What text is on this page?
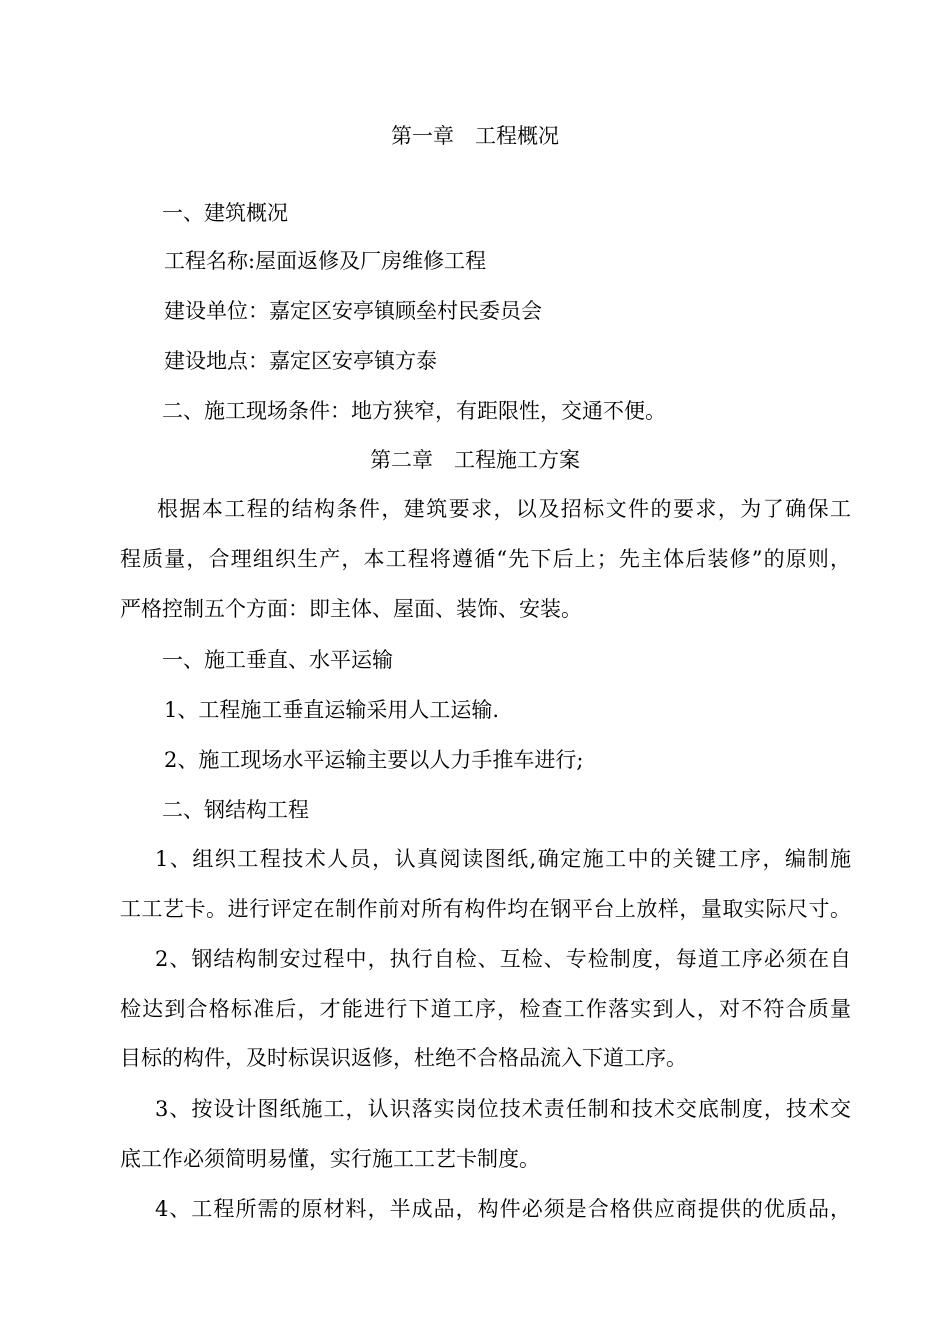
第一章　工程概况
一、建筑概况
工程名称:屋面返修及厂房维修工程
建设单位：嘉定区安亭镇顾垒村民委员会
建设地点：嘉定区安亭镇方泰
二、施工现场条件：地方狭窄，有距限性，交通不便。
第二章　工程施工方案
根据本工程的结构条件，建筑要求，以及招标文件的要求，为了确保工
程质量，合理组织生产，本工程将遵循“先下后上；先主体后装修”的原则，
严格控制五个方面：即主体、屋面、装饰、安装。
一、施工垂直、水平运输
1、工程施工垂直运输采用人工运输.
2、施工现场水平运输主要以人力手推车进行;
二、钢结构工程
1、组织工程技术人员，认真阅读图纸,确定施工中的关键工序，编制施
工工艺卡。进行评定在制作前对所有构件均在钢平台上放样，量取实际尺寸。
2、钢结构制安过程中，执行自检、互检、专检制度，每道工序必须在自
检达到合格标准后，才能进行下道工序，检查工作落实到人，对不符合质量
目标的构件，及时标误识返修，杜绝不合格品流入下道工序。
3、按设计图纸施工，认识落实岗位技术责任制和技术交底制度，技术交
底工作必须简明易懂，实行施工工艺卡制度。
4、工程所需的原材料，半成品，构件必须是合格供应商提供的优质品，
